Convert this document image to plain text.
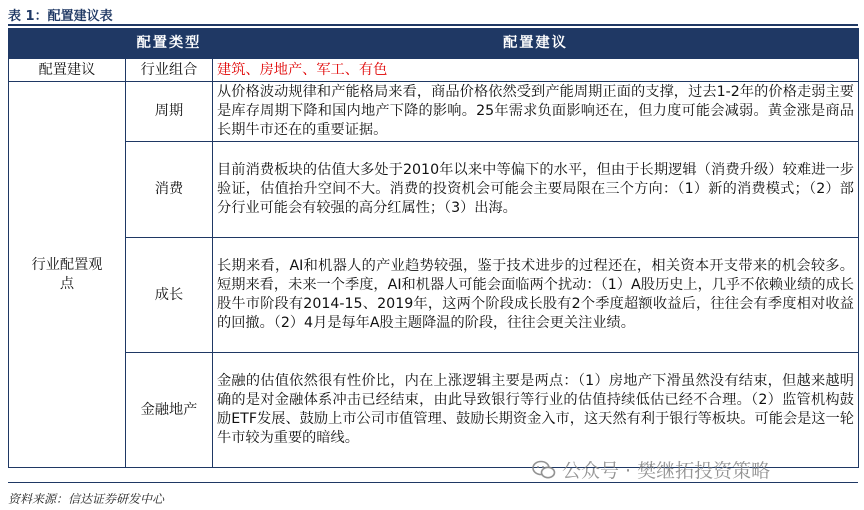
表 1：配置建议表
	配置类型	配置建议
配置建议	行业组合	建筑、房地产、军工、有色
行业配置观点	周期	从价格波动规律和产能格局来看，商品价格依然受到产能周期正面的支撑，过去1-2年的价格走弱主要是库存周期下降和国内地产下降的影响。25年需求负面影响还在，但力度可能会减弱。黄金涨是商品长期牛市还在的重要证据。
	消费	目前消费板块的估值大多处于2010年以来中等偏下的水平，但由于长期逻辑（消费升级）较难进一步验证，估值抬升空间不大。消费的投资机会可能会主要局限在三个方向：（1）新的消费模式；（2）部分行业可能会有较强的高分红属性；（3）出海。
	成长	长期来看，AI和机器人的产业趋势较强，鉴于技术进步的过程还在，相关资本开支带来的机会较多。短期来看，未来一个季度，AI和机器人可能会面临两个扰动：（1）A股历史上，几乎不依赖业绩的成长股牛市阶段有2014-15、2019年，这两个阶段成长股有2个季度超额收益后，往往会有季度相对收益的回撤。（2）4月是每年A股主题降温的阶段，往往会更关注业绩。
	金融地产	金融的估值依然很有性价比，内在上涨逻辑主要是两点：（1）房地产下滑虽然没有结束，但越来越明确的是对金融体系冲击已经结束，由此导致银行等行业的估值持续低估已经不合理。（2）监管机构鼓励ETF发展、鼓励上市公司市值管理、鼓励长期资金入市，这天然有利于银行等板块。可能会是这一轮牛市较为重要的暗线。
资料来源：信达证券研发中心
公众号 · 樊继拓投资策略
